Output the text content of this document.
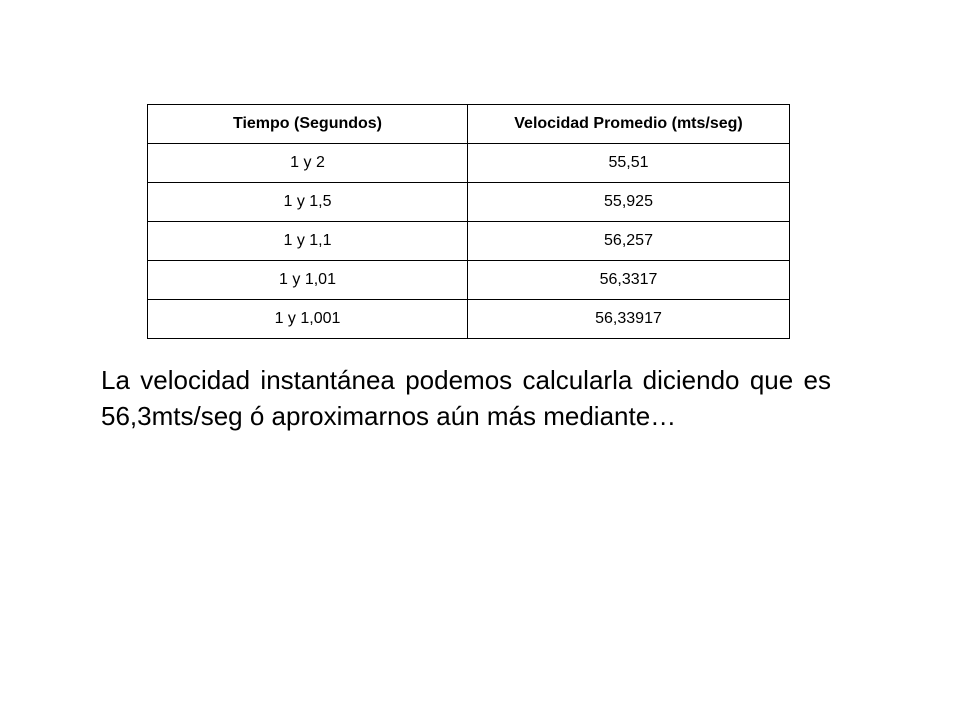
Tiempo (Segundos)	Velocidad Promedio (mts/seg)
1 y 2	55,51
1 y 1,5	55,925
1 y 1,1	56,257
1 y 1,01	56,3317
1 y 1,001	56,33917

La velocidad instantánea podemos calcularla diciendo que es 56,3mts/seg ó aproximarnos aún más mediante…
